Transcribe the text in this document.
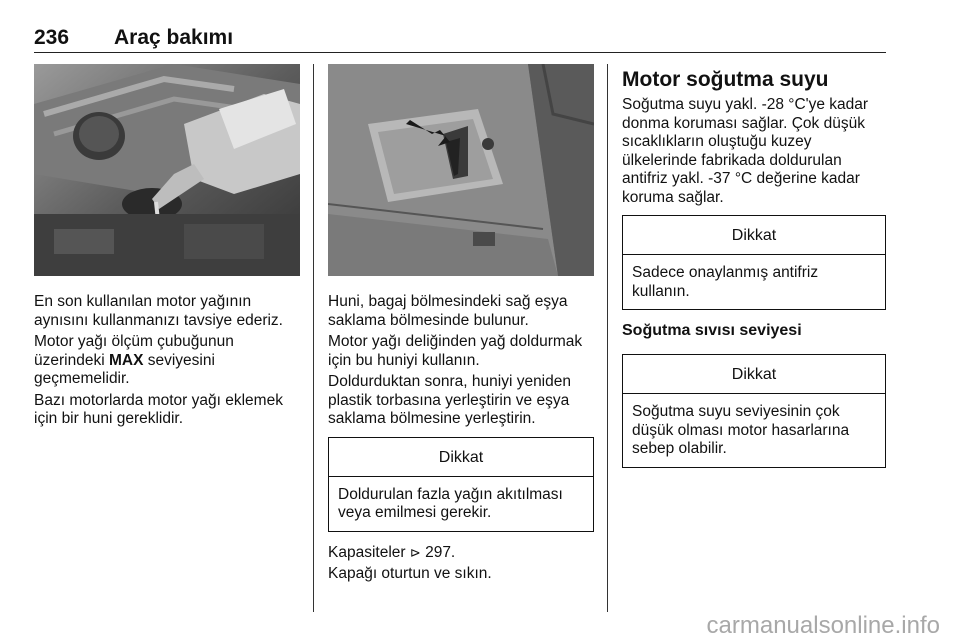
236 Araç bakımı

En son kullanılan motor yağının aynısını kullanmanızı tavsiye ederiz.

Motor yağı ölçüm çubuğunun üzerindeki MAX seviyesini geçmemelidir.

Bazı motorlarda motor yağı eklemek için bir huni gereklidir.

Huni, bagaj bölmesindeki sağ eşya saklama bölmesinde bulunur.

Motor yağı deliğinden yağ doldurmak için bu huniyi kullanın.

Doldurduktan sonra, huniyi yeniden plastik torbasına yerleştirin ve eşya saklama bölmesine yerleştirin.

Dikkat
Doldurulan fazla yağın akıtılması veya emilmesi gerekir.

Kapasiteler ⊳ 297.

Kapağı oturtun ve sıkın.

Motor soğutma suyu

Soğutma suyu yakl. -28 °C'ye kadar donma koruması sağlar. Çok düşük sıcaklıkların oluştuğu kuzey ülkelerinde fabrikada doldurulan antifriz yakl. -37 °C değerine kadar koruma sağlar.

Dikkat
Sadece onaylanmış antifriz kullanın.
Soğutma sıvısı seviyesi
Dikkat
Soğutma suyu seviyesinin çok düşük olması motor hasarlarına sebep olabilir.
carmanualsonline.info
